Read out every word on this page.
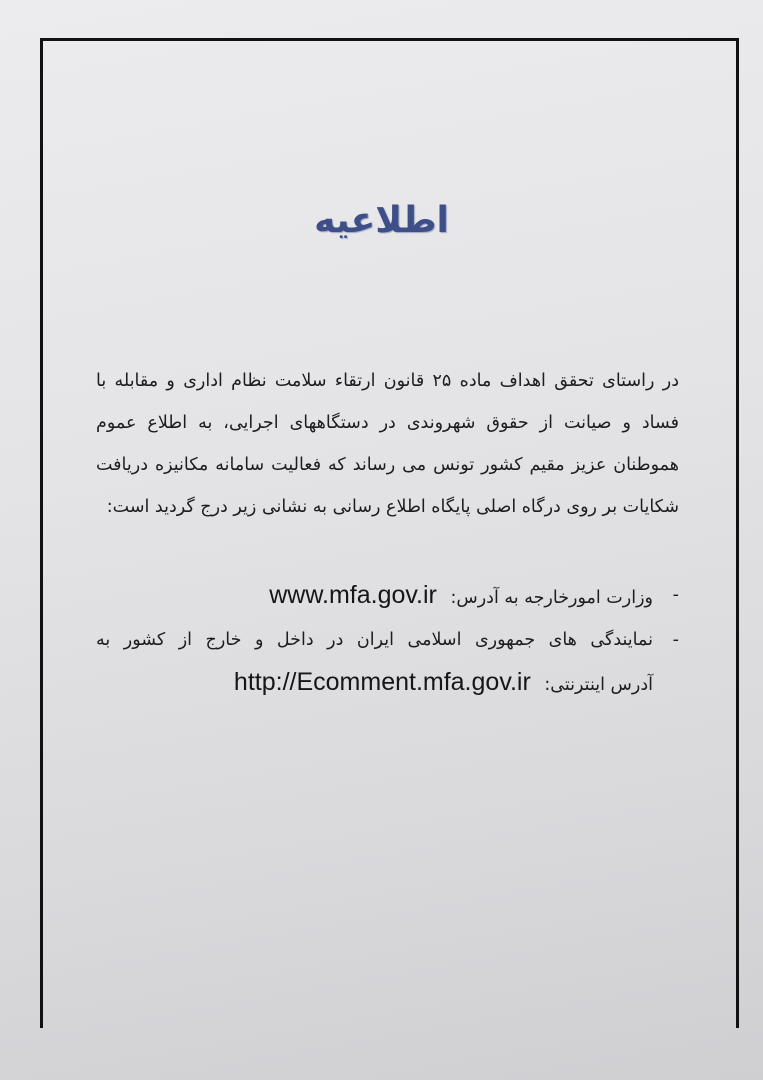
اطلاعیه
در راستای تحقق اهداف ماده ۲۵ قانون ارتقاء سلامت نظام اداری و مقابله با فساد و صیانت از حقوق شهروندی در دستگاههای اجرایی، به اطلاع عموم هموطنان عزیز مقیم کشور تونس می رساند که فعالیت سامانه مکانیزه دریافت شکایات بر روی درگاه اصلی پایگاه اطلاع رسانی به نشانی زیر درج گردید است:
-
وزارت امورخارجه به آدرس: www.mfa.gov.ir
-
نمایندگی های جمهوری اسلامی ایران در داخل و خارج از کشور به
آدرس اینترنتی: http://Ecomment.mfa.gov.ir
